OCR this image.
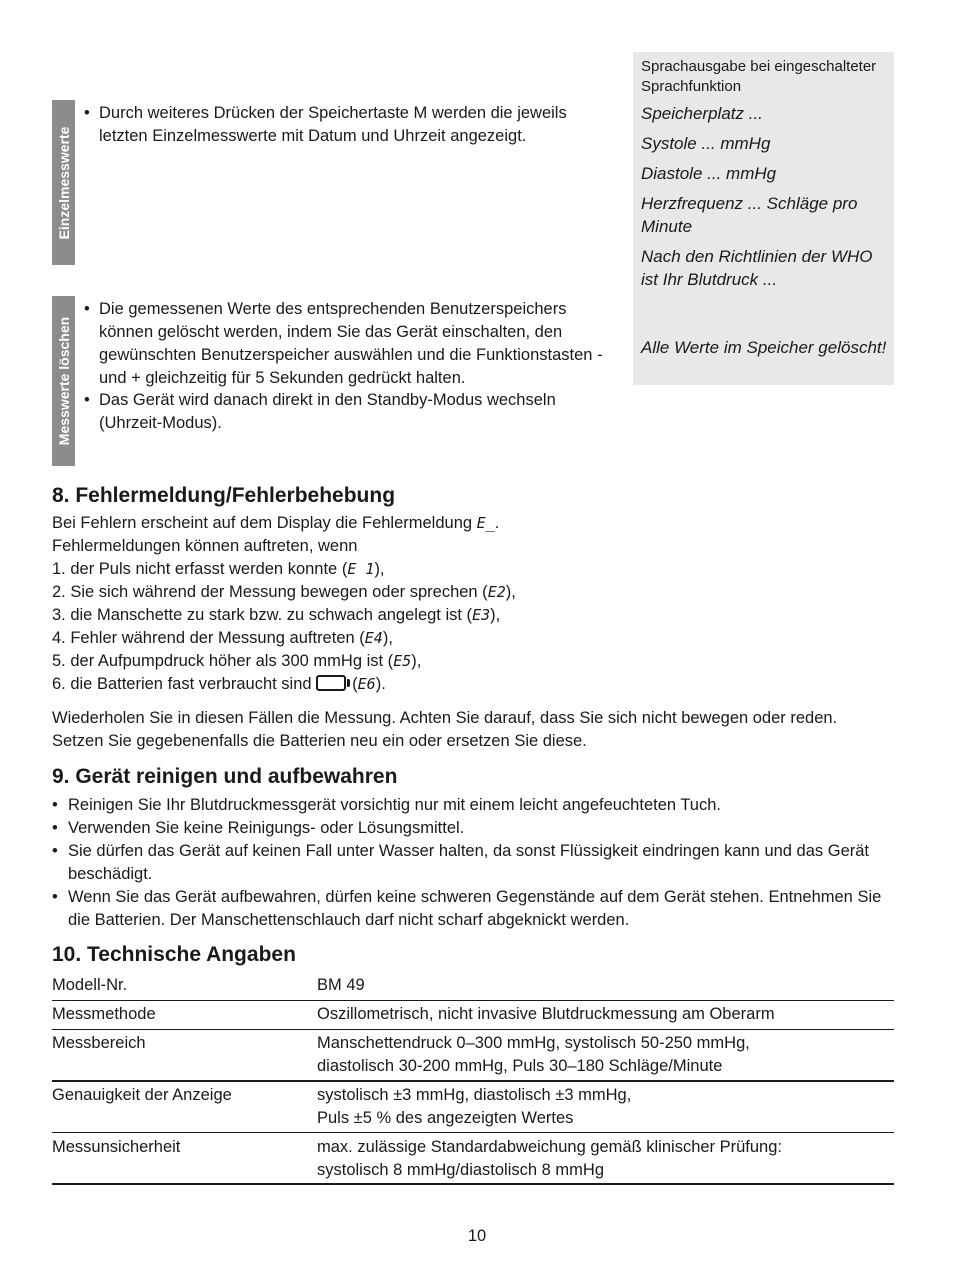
Einzelmesswerte
Messwerte löschen
• Durch weiteres Drücken der Speichertaste M werden die jeweils letzten Einzelmesswerte mit Datum und Uhrzeit angezeigt.
• Die gemessenen Werte des entsprechenden Benutzerspeichers können gelöscht werden, indem Sie das Gerät einschalten, den gewünschten Benutzerspeicher auswählen und die Funktionstasten - und + gleichzeitig für 5 Sekunden gedrückt halten.
• Das Gerät wird danach direkt in den Standby-Modus wechseln (Uhrzeit-Modus).
Sprachausgabe bei eingeschalteter Sprachfunktion
Speicherplatz ...
Systole ... mmHg
Diastole ... mmHg
Herzfrequenz ... Schläge pro Minute
Nach den Richtlinien der WHO ist Ihr Blutdruck ...
Alle Werte im Speicher gelöscht!
8. Fehlermeldung/Fehlerbehebung
Bei Fehlern erscheint auf dem Display die Fehlermeldung E_.
Fehlermeldungen können auftreten, wenn
1. der Puls nicht erfasst werden konnte (E 1),
2. Sie sich während der Messung bewegen oder sprechen (E2),
3. die Manschette zu stark bzw. zu schwach angelegt ist (E3),
4. Fehler während der Messung auftreten (E4),
5. der Aufpumpdruck höher als 300 mmHg ist (E5),
6. die Batterien fast verbraucht sind (E6).
Wiederholen Sie in diesen Fällen die Messung. Achten Sie darauf, dass Sie sich nicht bewegen oder reden.
Setzen Sie gegebenenfalls die Batterien neu ein oder ersetzen Sie diese.
9. Gerät reinigen und aufbewahren
• Reinigen Sie Ihr Blutdruckmessgerät vorsichtig nur mit einem leicht angefeuchteten Tuch.
• Verwenden Sie keine Reinigungs- oder Lösungsmittel.
• Sie dürfen das Gerät auf keinen Fall unter Wasser halten, da sonst Flüssigkeit eindringen kann und das Gerät beschädigt.
• Wenn Sie das Gerät aufbewahren, dürfen keine schweren Gegenstände auf dem Gerät stehen. Entnehmen Sie die Batterien. Der Manschettenschlauch darf nicht scharf abgeknickt werden.
10. Technische Angaben
Modell-Nr.	BM 49
Messmethode	Oszillometrisch, nicht invasive Blutdruckmessung am Oberarm
Messbereich	Manschettendruck 0–300 mmHg, systolisch 50-250 mmHg,
diastolisch 30-200 mmHg, Puls 30–180 Schläge/Minute
Genauigkeit der Anzeige	systolisch ±3 mmHg, diastolisch ±3 mmHg,
Puls ±5 % des angezeigten Wertes
Messunsicherheit	max. zulässige Standardabweichung gemäß klinischer Prüfung:
systolisch 8 mmHg/diastolisch 8 mmHg
10
